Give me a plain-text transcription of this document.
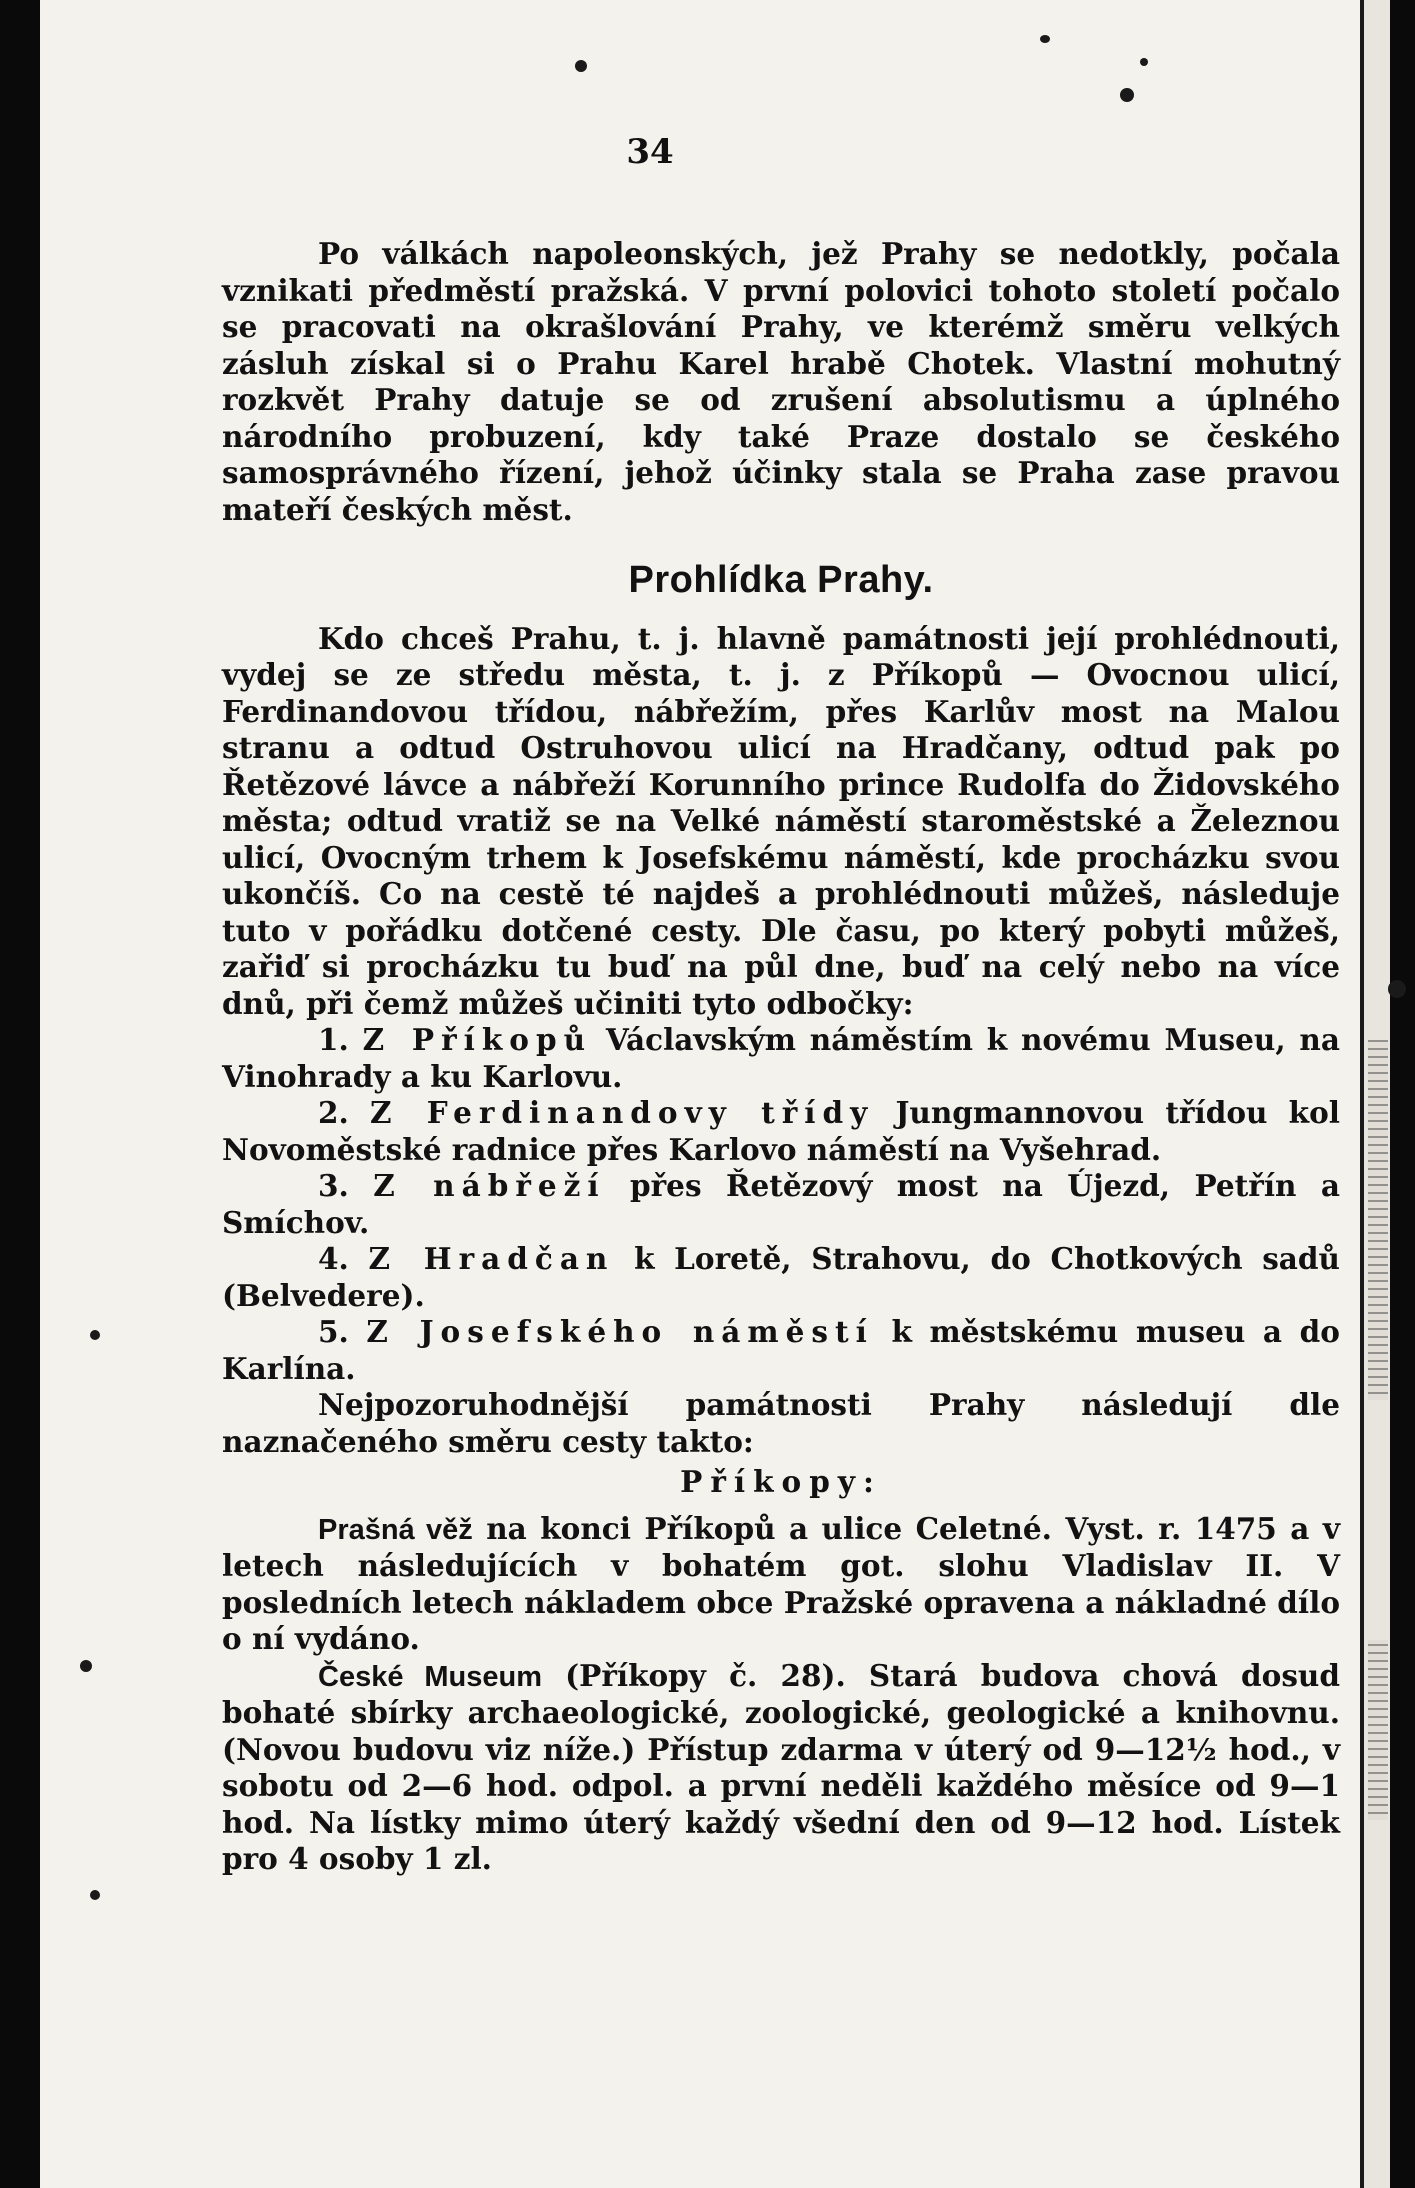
34

Po válkách napoleonských, jež Prahy se nedotkly, počala vznikati předměstí pražská. V první polovici tohoto století počalo se pracovati na okrašlování Prahy, ve kterémž směru velkých zásluh získal si o Prahu Karel hrabě Chotek. Vlastní mohutný rozkvět Prahy datuje se od zrušení absolutismu a úplného národního probuzení, kdy také Praze dostalo se českého samosprávného řízení, jehož účinky stala se Praha zase pravou mateří českých měst.

Prohlídka Prahy.

Kdo chceš Prahu, t. j. hlavně památnosti její prohlédnouti, vydej se ze středu města, t. j. z Příkopů — Ovocnou ulicí, Ferdinandovou třídou, nábřežím, přes Karlův most na Malou stranu a odtud Ostruhovou ulicí na Hradčany, odtud pak po Řetězové lávce a nábřeží Korunního prince Rudolfa do Židovského města; odtud vratiž se na Velké náměstí staroměstské a Železnou ulicí, Ovocným trhem k Josefskému náměstí, kde procházku svou ukončíš. Co na cestě té najdeš a prohlédnouti můžeš, následuje tuto v pořádku dotčené cesty. Dle času, po který pobyti můžeš, zařiď si procházku tu buď na půl dne, buď na celý nebo na více dnů, při čemž můžeš učiniti tyto odbočky:

1. Z Příkopů Václavským náměstím k novému Museu, na Vinohrady a ku Karlovu.
2. Z Ferdinandovy třídy Jungmannovou třídou kol Novoměstské radnice přes Karlovo náměstí na Vyšehrad.
3. Z nábřeží přes Řetězový most na Újezd, Petřín a Smíchov.
4. Z Hradčan k Loretě, Strahovu, do Chotkových sadů (Belvedere).
5. Z Josefského náměstí k městskému museu a do Karlína.

Nejpozoruhodnější památnosti Prahy následují dle naznačeného směru cesty takto:

Příkopy:

Prašná věž na konci Příkopů a ulice Celetné. Vyst. r. 1475 a v letech následujících v bohatém got. slohu Vladislav II. V posledních letech nákladem obce Pražské opravena a nákladné dílo o ní vydáno.

České Museum (Příkopy č. 28). Stará budova chová dosud bohaté sbírky archaeologické, zoologické, geologické a knihovnu. (Novou budovu viz níže.) Přístup zdarma v úterý od 9—12½ hod., v sobotu od 2—6 hod. odpol. a první neděli každého měsíce od 9—1 hod. Na lístky mimo úterý každý všední den od 9—12 hod. Lístek pro 4 osoby 1 zl.
